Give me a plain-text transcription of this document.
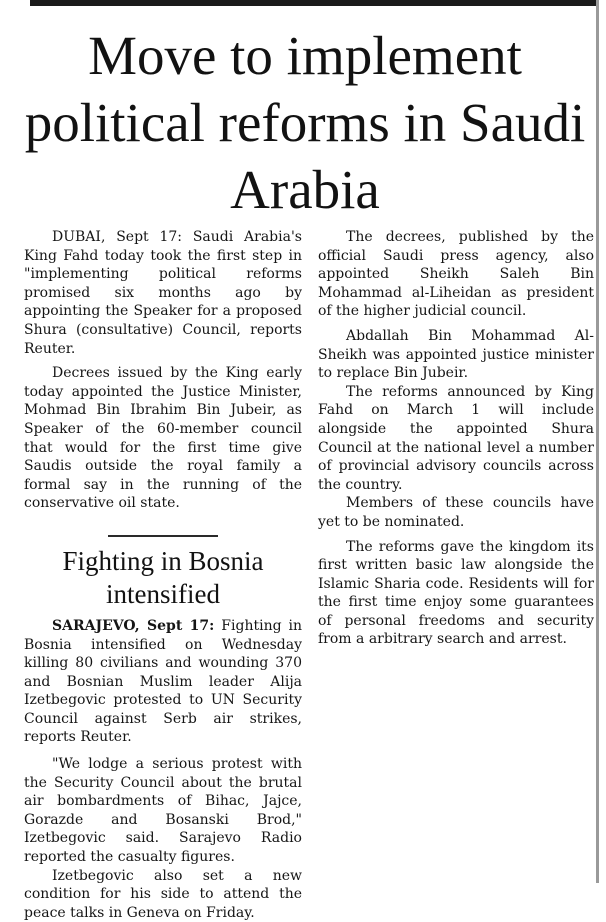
Move to implement political reforms in Saudi Arabia

DUBAI, Sept 17: Saudi Arabia's King Fahd today took the first step in "implementing political reforms promised six months ago by appointing the Speaker for a proposed Shura (consultative) Council, reports Reuter.

Decrees issued by the King early today appointed the Justice Minister, Mohmad Bin Ibrahim Bin Jubeir, as Speaker of the 60-member council that would for the first time give Saudis outside the royal family a formal say in the running of the conservative oil state.

Fighting in Bosnia intensified

SARAJEVO, Sept 17: Fighting in Bosnia intensified on Wednesday killing 80 civilians and wounding 370 and Bosnian Muslim leader Alija Izetbegovic protested to UN Security Council against Serb air strikes, reports Reuter.

"We lodge a serious protest with the Security Council about the brutal air bombardments of Bihac, Jajce, Gorazde and Bosanski Brod," Izetbegovic said. Sarajevo Radio reported the casualty figures.

Izetbegovic also set a new condition for his side to attend the peace talks in Geneva on Friday.

The decrees, published by the official Saudi press agency, also appointed Sheikh Saleh Bin Mohammad al-Liheidan as president of the higher judicial council.

Abdallah Bin Mohammad Al-Sheikh was appointed justice minister to replace Bin Jubeir.

The reforms announced by King Fahd on March 1 will include alongside the appointed Shura Council at the national level a number of provincial advisory councils across the country.

Members of these councils have yet to be nominated.

The reforms gave the kingdom its first written basic law alongside the Islamic Sharia code. Residents will for the first time enjoy some guarantees of personal freedoms and security from a arbitrary search and arrest.
